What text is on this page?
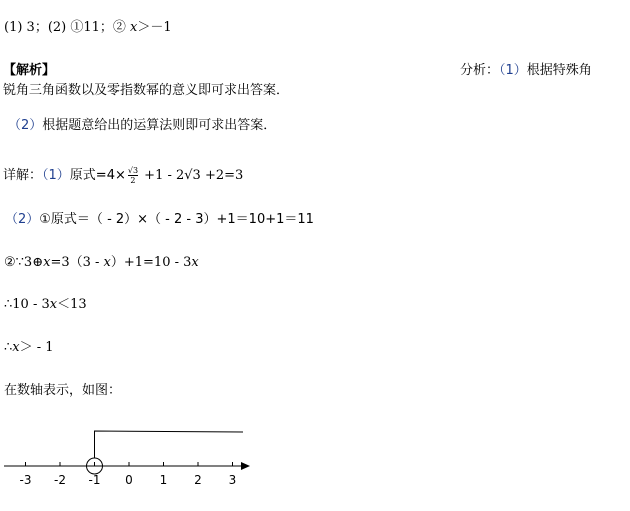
(1) 3；(2) ①11；② x＞－1
【解析】	分析：（1）根据特殊角
锐角三角函数以及零指数幂的意义即可求出答案．
（2）根据题意给出的运算法则即可求出答案．
详解：（1）原式$=4\times \frac{√3}{2} +1 - 2√3 +2=3$
（2）①原式＝（ - 2）×（ - 2 - 3）+1＝10+1＝11
②∵3⊕x=3（3 - x）+1=10 - 3x
∴10 - 3x＜13
∴x＞ - 1
在数轴表示，如图：
-3 -2 -1 0 1 2 3
